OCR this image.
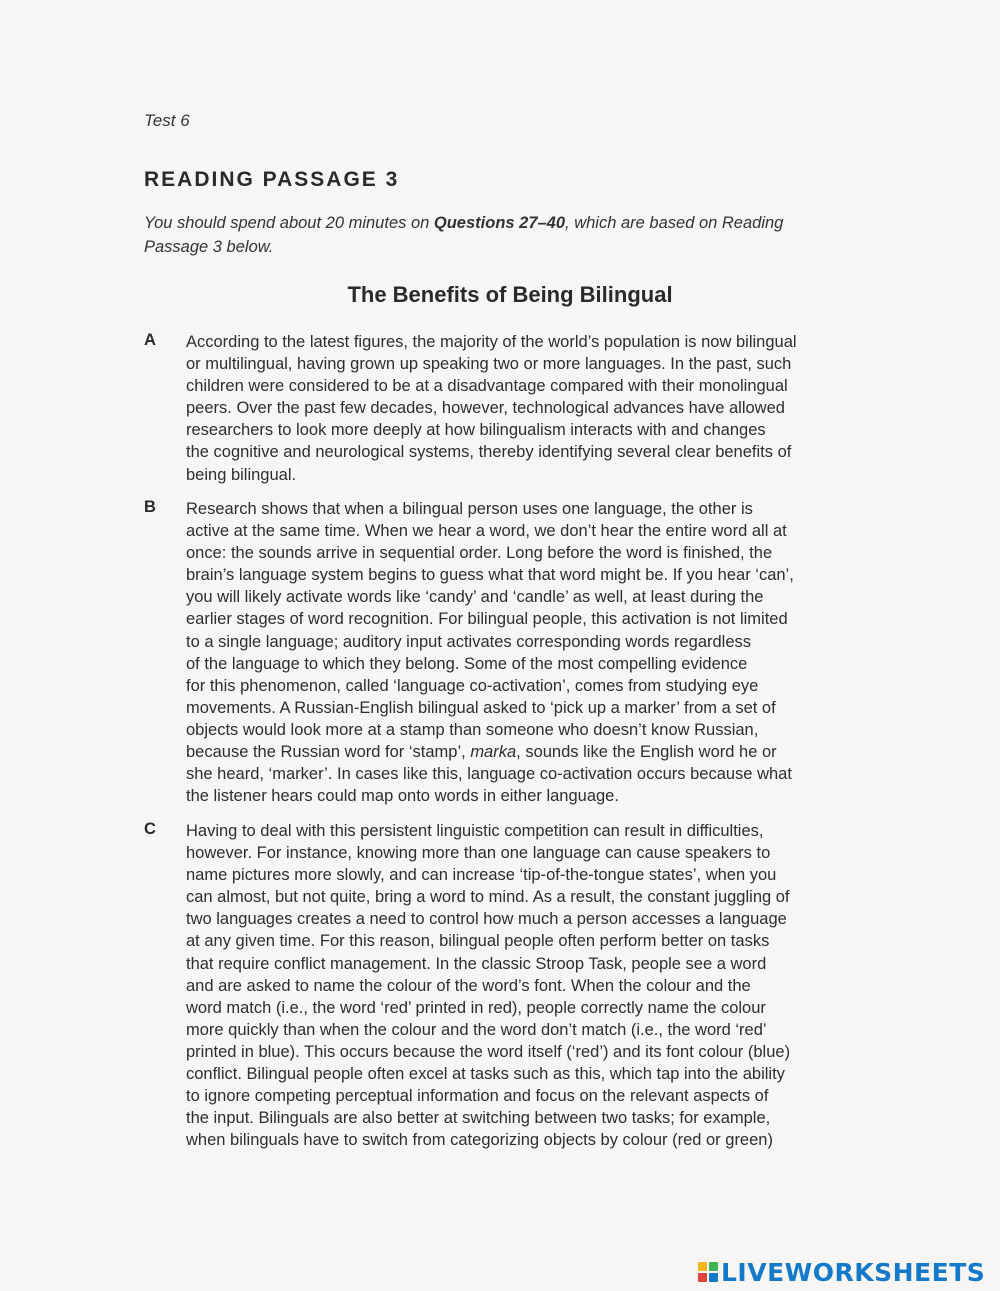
Test 6
READING PASSAGE 3
You should spend about 20 minutes on Questions 27–40, which are based on Reading
Passage 3 below.
The Benefits of Being Bilingual
A	According to the latest figures, the majority of the world’s population is now bilingual
or multilingual, having grown up speaking two or more languages. In the past, such
children were considered to be at a disadvantage compared with their monolingual
peers. Over the past few decades, however, technological advances have allowed
researchers to look more deeply at how bilingualism interacts with and changes
the cognitive and neurological systems, thereby identifying several clear benefits of
being bilingual.
B	Research shows that when a bilingual person uses one language, the other is
active at the same time. When we hear a word, we don’t hear the entire word all at
once: the sounds arrive in sequential order. Long before the word is finished, the
brain’s language system begins to guess what that word might be. If you hear ‘can’,
you will likely activate words like ‘candy’ and ‘candle’ as well, at least during the
earlier stages of word recognition. For bilingual people, this activation is not limited
to a single language; auditory input activates corresponding words regardless
of the language to which they belong. Some of the most compelling evidence
for this phenomenon, called ‘language co-activation’, comes from studying eye
movements. A Russian-English bilingual asked to ‘pick up a marker’ from a set of
objects would look more at a stamp than someone who doesn’t know Russian,
because the Russian word for ‘stamp’, marka, sounds like the English word he or
she heard, ‘marker’. In cases like this, language co-activation occurs because what
the listener hears could map onto words in either language.
C	Having to deal with this persistent linguistic competition can result in difficulties,
however. For instance, knowing more than one language can cause speakers to
name pictures more slowly, and can increase ‘tip-of-the-tongue states’, when you
can almost, but not quite, bring a word to mind. As a result, the constant juggling of
two languages creates a need to control how much a person accesses a language
at any given time. For this reason, bilingual people often perform better on tasks
that require conflict management. In the classic Stroop Task, people see a word
and are asked to name the colour of the word’s font. When the colour and the
word match (i.e., the word ‘red’ printed in red), people correctly name the colour
more quickly than when the colour and the word don’t match (i.e., the word ‘red’
printed in blue). This occurs because the word itself (‘red’) and its font colour (blue)
conflict. Bilingual people often excel at tasks such as this, which tap into the ability
to ignore competing perceptual information and focus on the relevant aspects of
the input. Bilinguals are also better at switching between two tasks; for example,
when bilinguals have to switch from categorizing objects by colour (red or green)
LIVEWORKSHEETS
